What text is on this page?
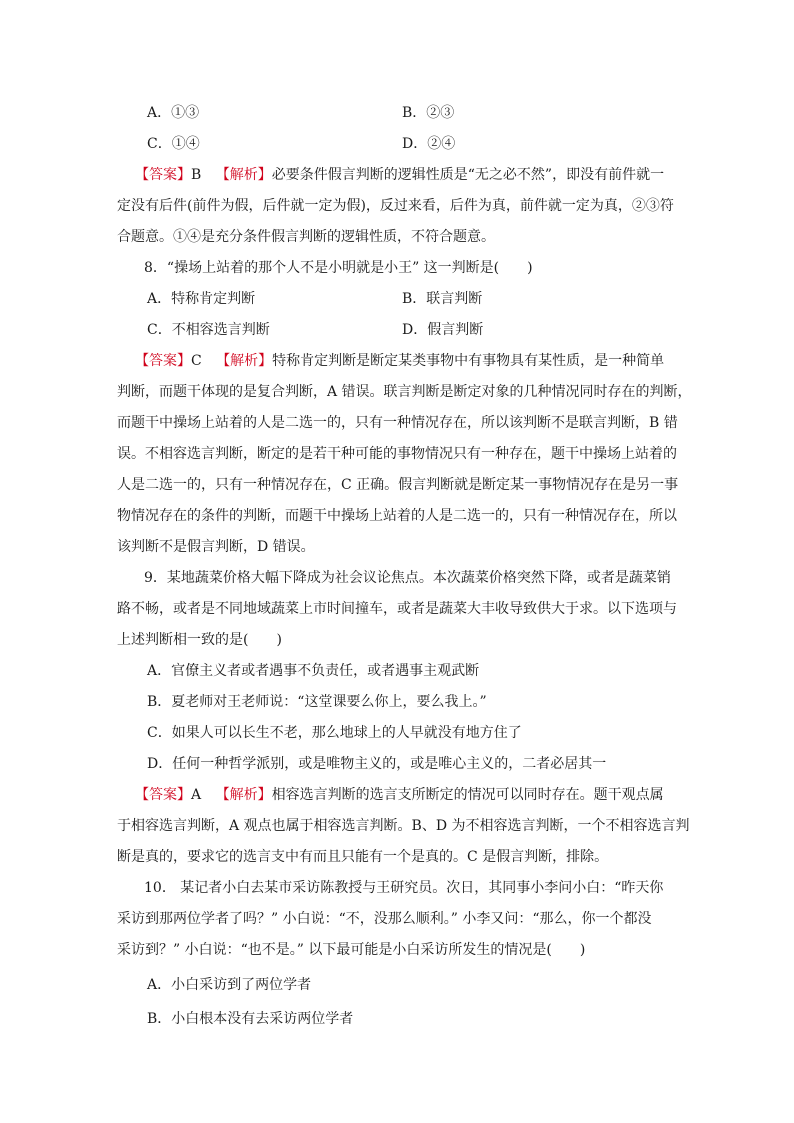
A．①③	B．②③
C．①④	D．②④
【答案】B 【解析】必要条件假言判断的逻辑性质是“无之必不然”，即没有前件就一
定没有后件(前件为假，后件就一定为假)，反过来看，后件为真，前件就一定为真，②③符
合题意。①④是充分条件假言判断的逻辑性质，不符合题意。
8．“操场上站着的那个人不是小明就是小王” 这一判断是(　　)
A．特称肯定判断	B．联言判断
C．不相容选言判断	D．假言判断
【答案】C 【解析】特称肯定判断是断定某类事物中有事物具有某性质，是一种简单
判断，而题干体现的是复合判断，A 错误。联言判断是断定对象的几种情况同时存在的判断，
而题干中操场上站着的人是二选一的，只有一种情况存在，所以该判断不是联言判断，B 错
误。不相容选言判断，断定的是若干种可能的事物情况只有一种存在，题干中操场上站着的
人是二选一的，只有一种情况存在，C 正确。假言判断就是断定某一事物情况存在是另一事
物情况存在的条件的判断，而题干中操场上站着的人是二选一的，只有一种情况存在，所以
该判断不是假言判断，D 错误。
9．某地蔬菜价格大幅下降成为社会议论焦点。本次蔬菜价格突然下降，或者是蔬菜销
路不畅，或者是不同地域蔬菜上市时间撞车，或者是蔬菜大丰收导致供大于求。以下选项与
上述判断相一致的是(　　)
A．官僚主义者或者遇事不负责任，或者遇事主观武断
B．夏老师对王老师说：“这堂课要么你上，要么我上。”
C．如果人可以长生不老，那么地球上的人早就没有地方住了
D．任何一种哲学派别，或是唯物主义的，或是唯心主义的，二者必居其一
【答案】A 【解析】相容选言判断的选言支所断定的情况可以同时存在。题干观点属
于相容选言判断，A 观点也属于相容选言判断。B、D 为不相容选言判断，一个不相容选言判
断是真的，要求它的选言支中有而且只能有一个是真的。C 是假言判断，排除。
10． 某记者小白去某市采访陈教授与王研究员。次日，其同事小李问小白：“昨天你
采访到那两位学者了吗？” 小白说：“不，没那么顺利。” 小李又问：“那么，你一个都没
采访到？” 小白说：“也不是。” 以下最可能是小白采访所发生的情况是(　　)
A．小白采访到了两位学者
B．小白根本没有去采访两位学者
